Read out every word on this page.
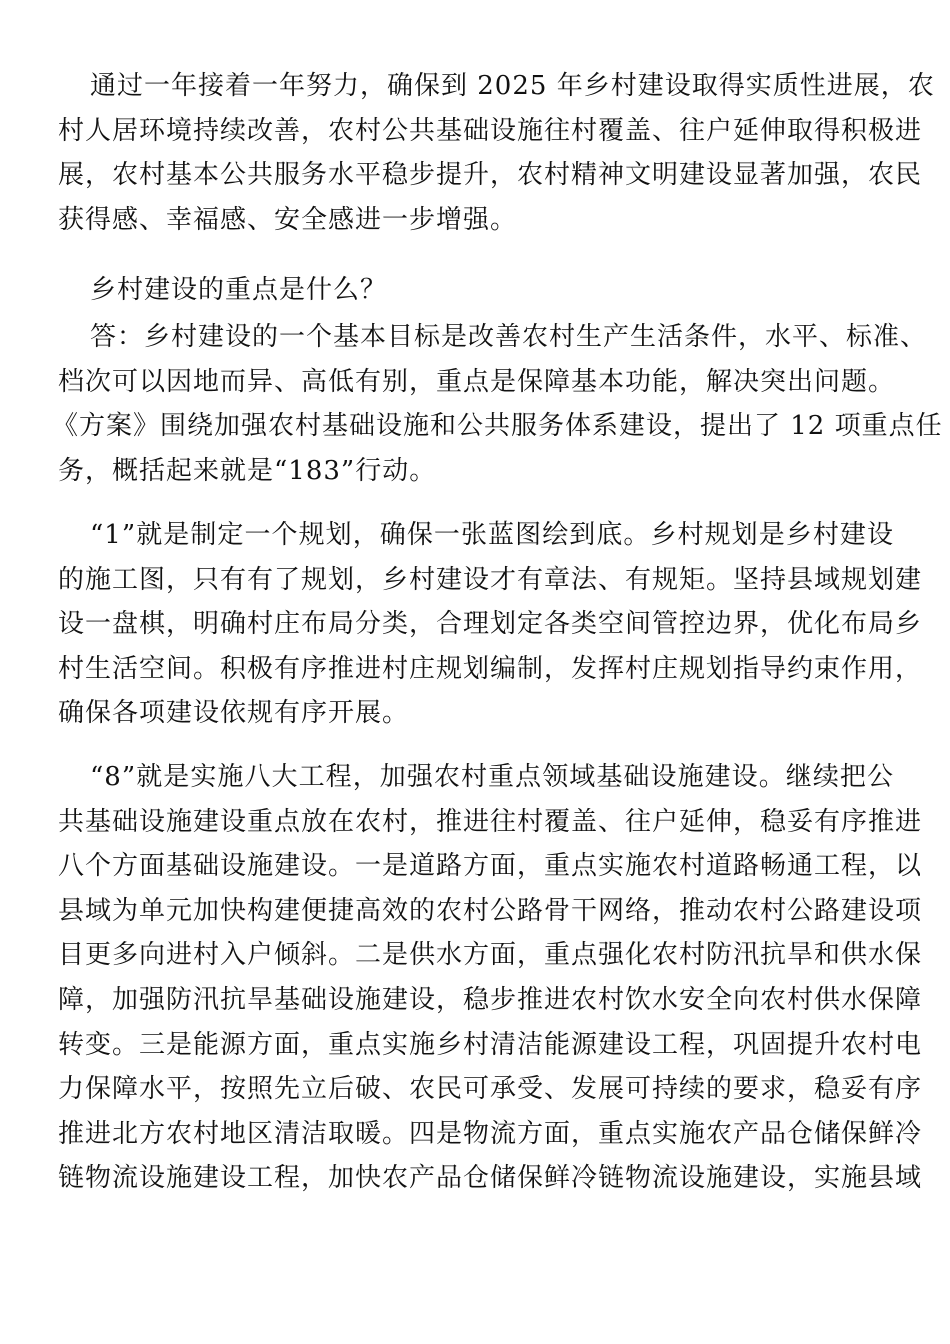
通过一年接着一年努力，确保到 2025 年乡村建设取得实质性进展，农
村人居环境持续改善，农村公共基础设施往村覆盖、往户延伸取得积极进
展，农村基本公共服务水平稳步提升，农村精神文明建设显著加强，农民
获得感、幸福感、安全感进一步增强。
乡村建设的重点是什么？
答：乡村建设的一个基本目标是改善农村生产生活条件，水平、标准、
档次可以因地而异、高低有别，重点是保障基本功能，解决突出问题。
《方案》围绕加强农村基础设施和公共服务体系建设，提出了 12 项重点任
务，概括起来就是“183”行动。
“1”就是制定一个规划，确保一张蓝图绘到底。乡村规划是乡村建设
的施工图，只有有了规划，乡村建设才有章法、有规矩。坚持县域规划建
设一盘棋，明确村庄布局分类，合理划定各类空间管控边界，优化布局乡
村生活空间。积极有序推进村庄规划编制，发挥村庄规划指导约束作用，
确保各项建设依规有序开展。
“8”就是实施八大工程，加强农村重点领域基础设施建设。继续把公
共基础设施建设重点放在农村，推进往村覆盖、往户延伸，稳妥有序推进
八个方面基础设施建设。一是道路方面，重点实施农村道路畅通工程，以
县域为单元加快构建便捷高效的农村公路骨干网络，推动农村公路建设项
目更多向进村入户倾斜。二是供水方面，重点强化农村防汛抗旱和供水保
障，加强防汛抗旱基础设施建设，稳步推进农村饮水安全向农村供水保障
转变。三是能源方面，重点实施乡村清洁能源建设工程，巩固提升农村电
力保障水平，按照先立后破、农民可承受、发展可持续的要求，稳妥有序
推进北方农村地区清洁取暖。四是物流方面，重点实施农产品仓储保鲜冷
链物流设施建设工程，加快农产品仓储保鲜冷链物流设施建设，实施县域
